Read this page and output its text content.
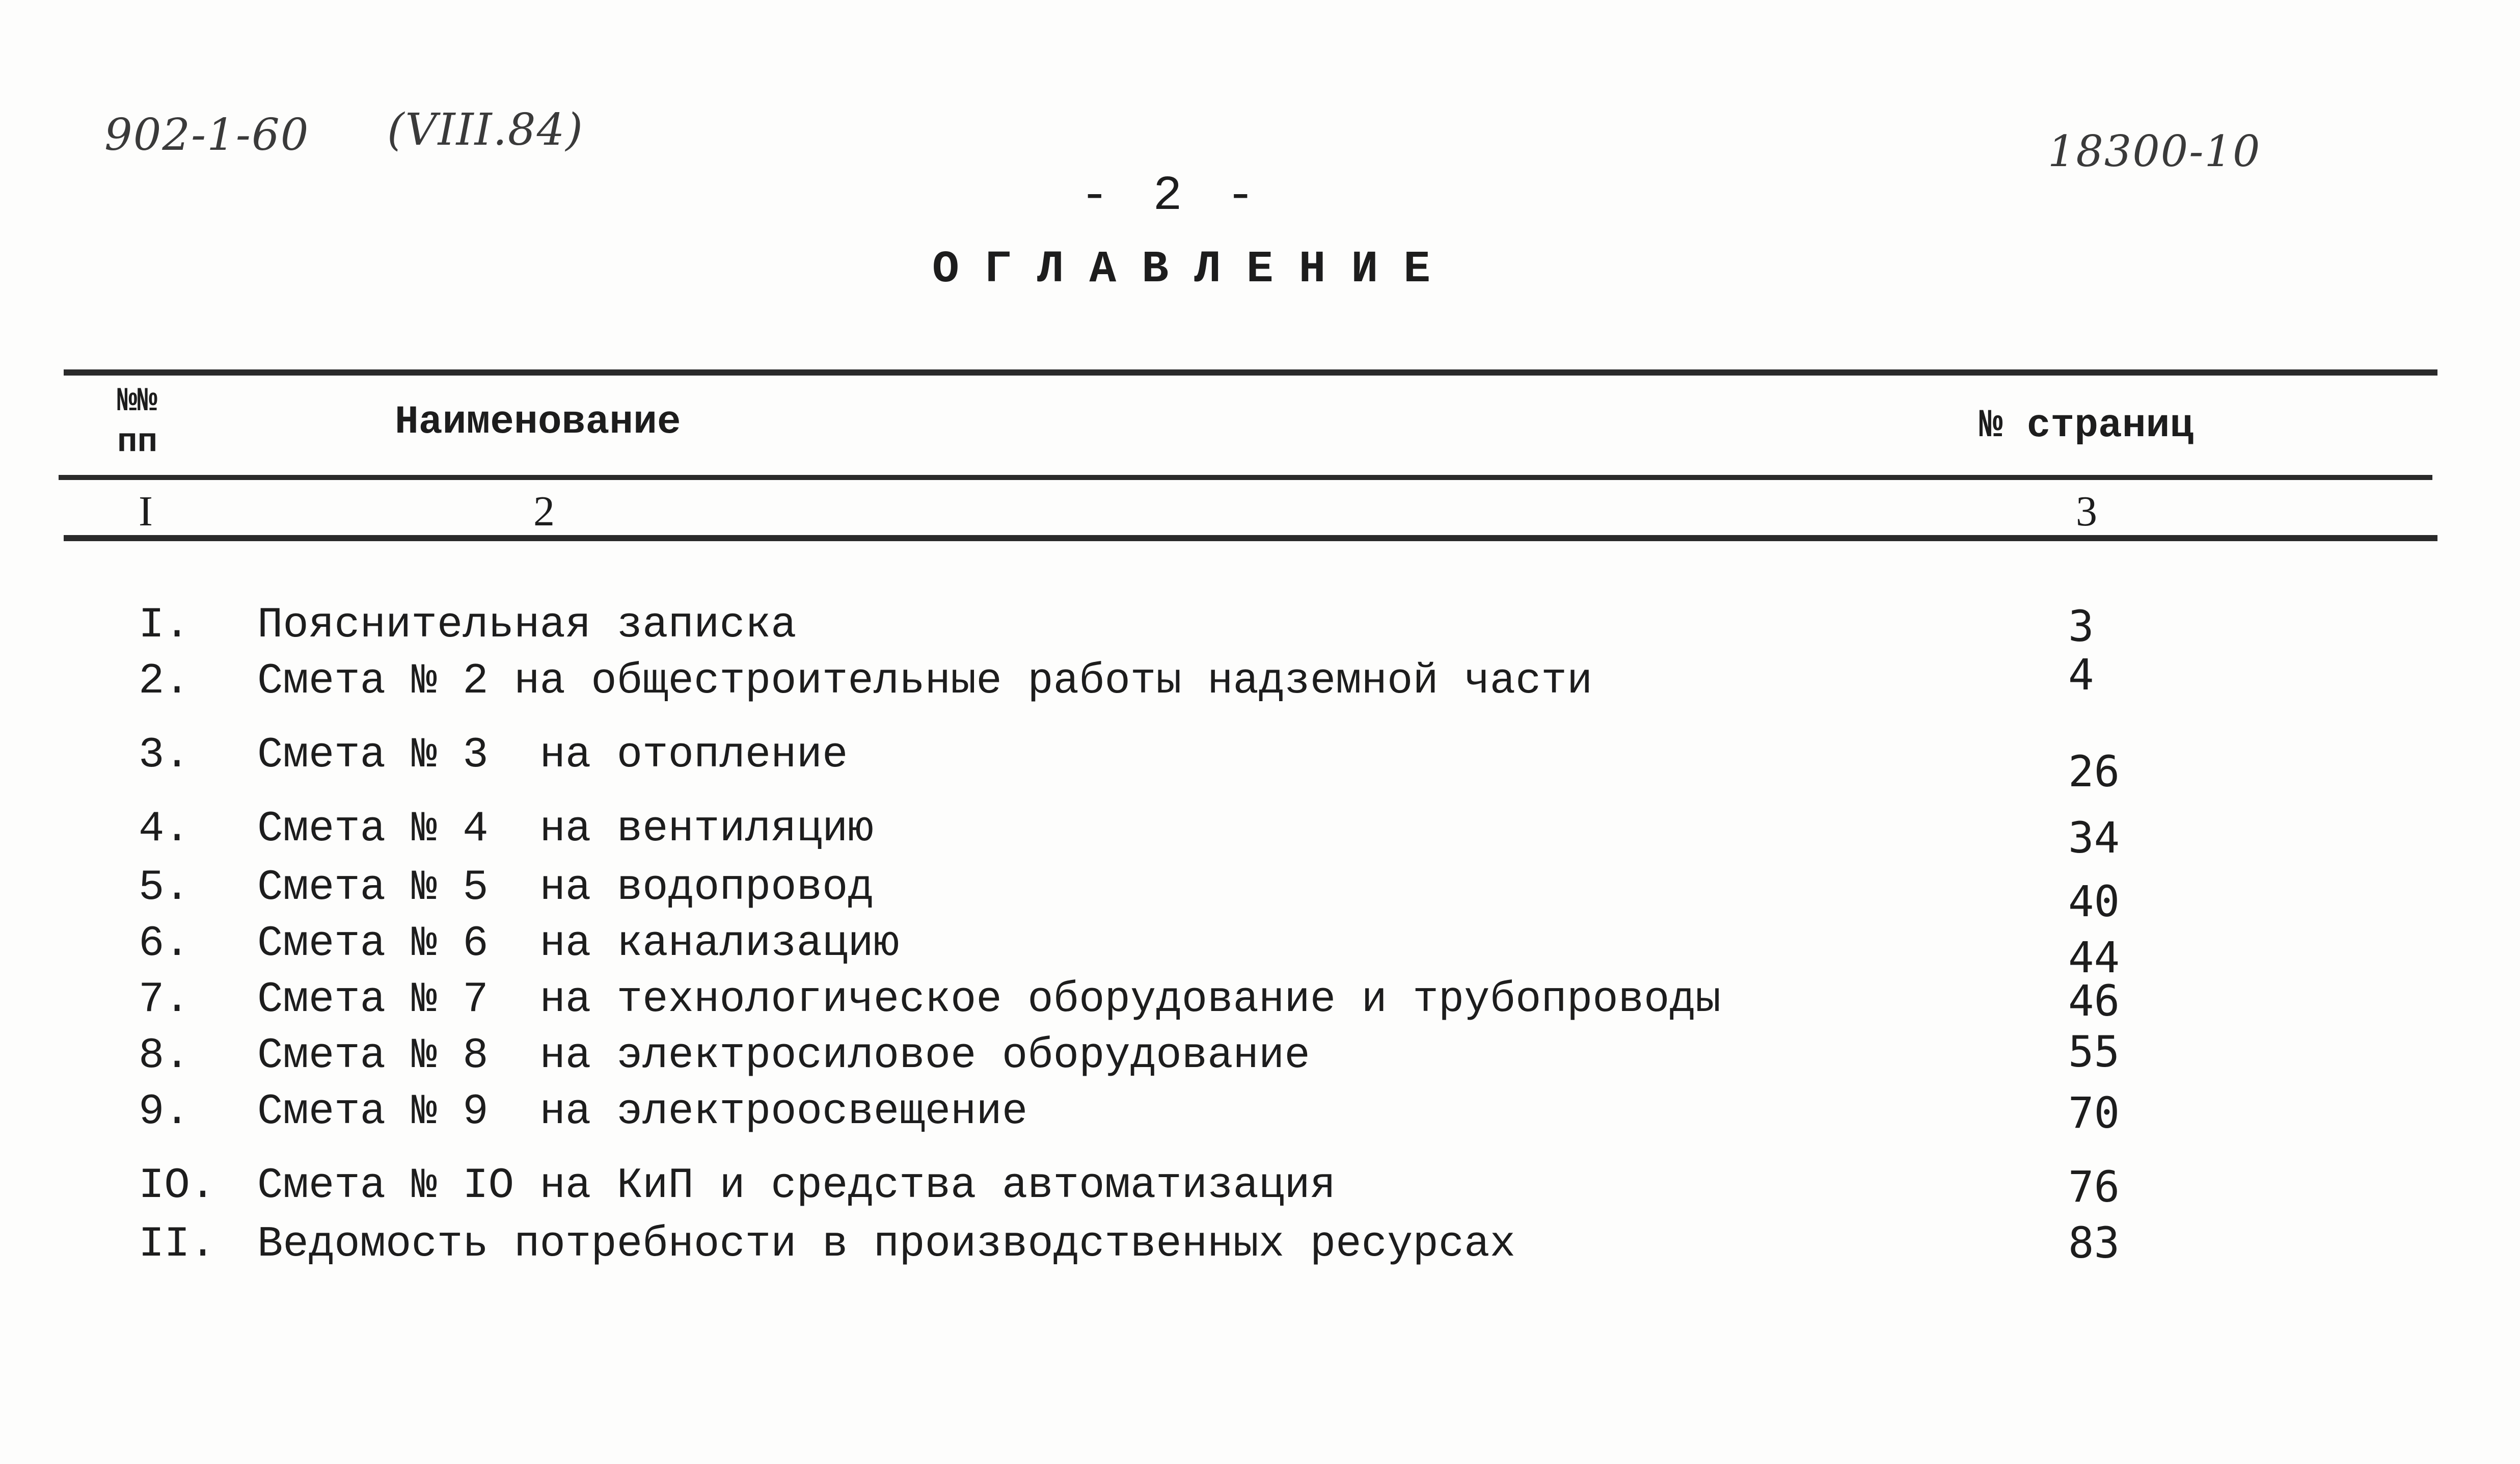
902-1-60 (VIII.84)	18300-10
- 2 -
ОГЛАВЛЕНИЕ
№№
пп	Наименование	№ страниц
I	2	3
I. Пояснительная записка	3
2. Смета № 2 на общестроительные работы надземной части	4
3. Смета № 3  на отопление	26
4. Смета № 4  на вентиляцию	34
5. Смета № 5  на водопровод	40
6. Смета № 6  на канализацию	44
7. Смета № 7  на технологическое оборудование и трубопроводы	46
8. Смета № 8  на электросиловое оборудование	55
9. Смета № 9  на электроосвещение	70
IO. Смета № IO на КиП и средства автоматизация	76
II. Ведомость потребности в производственных ресурсах	83
